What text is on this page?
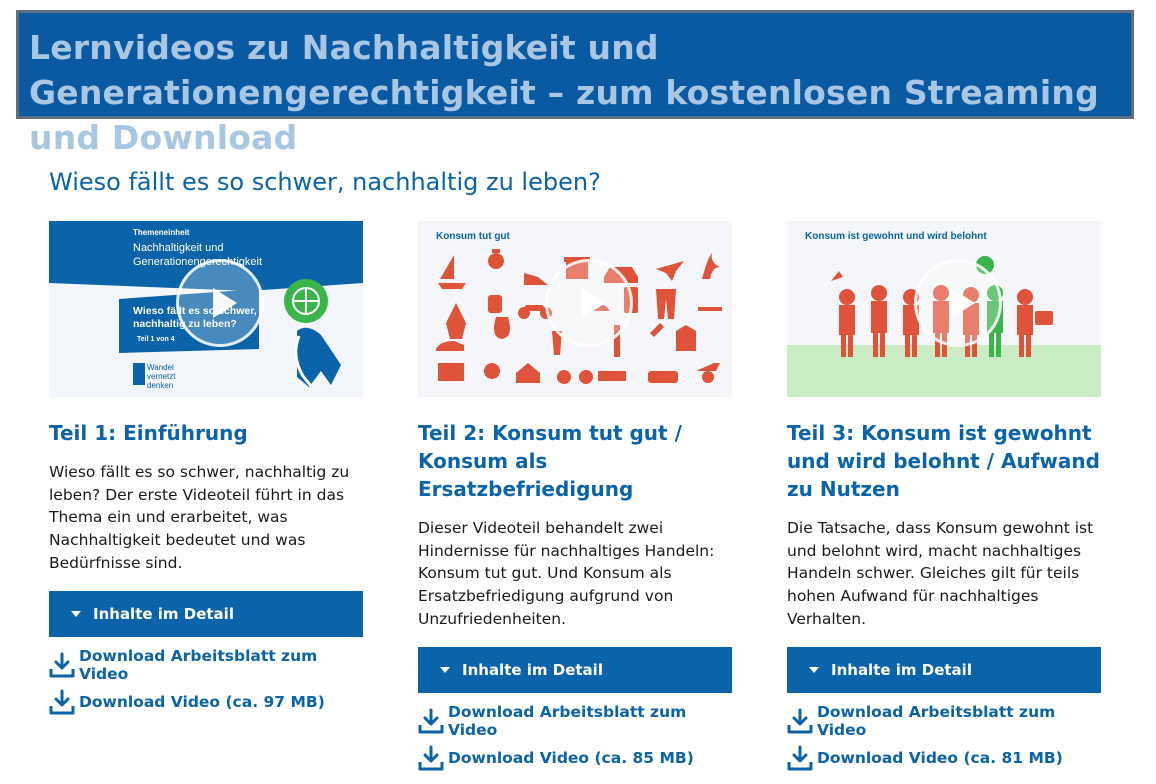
Lernvideos zu Nachhaltigkeit und Generationengerechtigkeit – zum kostenlosen Streaming und Download
Wieso fällt es so schwer, nachhaltig zu leben?
Themeneinheit
Nachhaltigkeit und Generationengerechtigkeit
Wieso fällt es so schwer, nachhaltig zu leben?
Teil 1 von 4
Wandel vernetzt denken
Teil 1: Einführung

Wieso fällt es so schwer, nachhaltig zu leben? Der erste Videoteil führt in das Thema ein und erarbeitet, was Nachhaltigkeit bedeutet und was Bedürfnisse sind.

Inhalte im Detail
Download Arbeitsblatt zum Video
Download Video (ca. 97 MB)
Konsum tut gut
Teil 2: Konsum tut gut / Konsum als Ersatzbefriedigung

Dieser Videoteil behandelt zwei Hindernisse für nachhaltiges Handeln: Konsum tut gut. Und Konsum als Ersatzbefriedigung aufgrund von Unzufriedenheiten.

Inhalte im Detail
Download Arbeitsblatt zum Video
Download Video (ca. 85 MB)
Konsum ist gewohnt und wird belohnt
Teil 3: Konsum ist gewohnt und wird belohnt / Aufwand zu Nutzen

Die Tatsache, dass Konsum gewohnt ist und belohnt wird, macht nachhaltiges Handeln schwer. Gleiches gilt für teils hohen Aufwand für nachhaltiges Verhalten.

Inhalte im Detail
Download Arbeitsblatt zum Video
Download Video (ca. 81 MB)
